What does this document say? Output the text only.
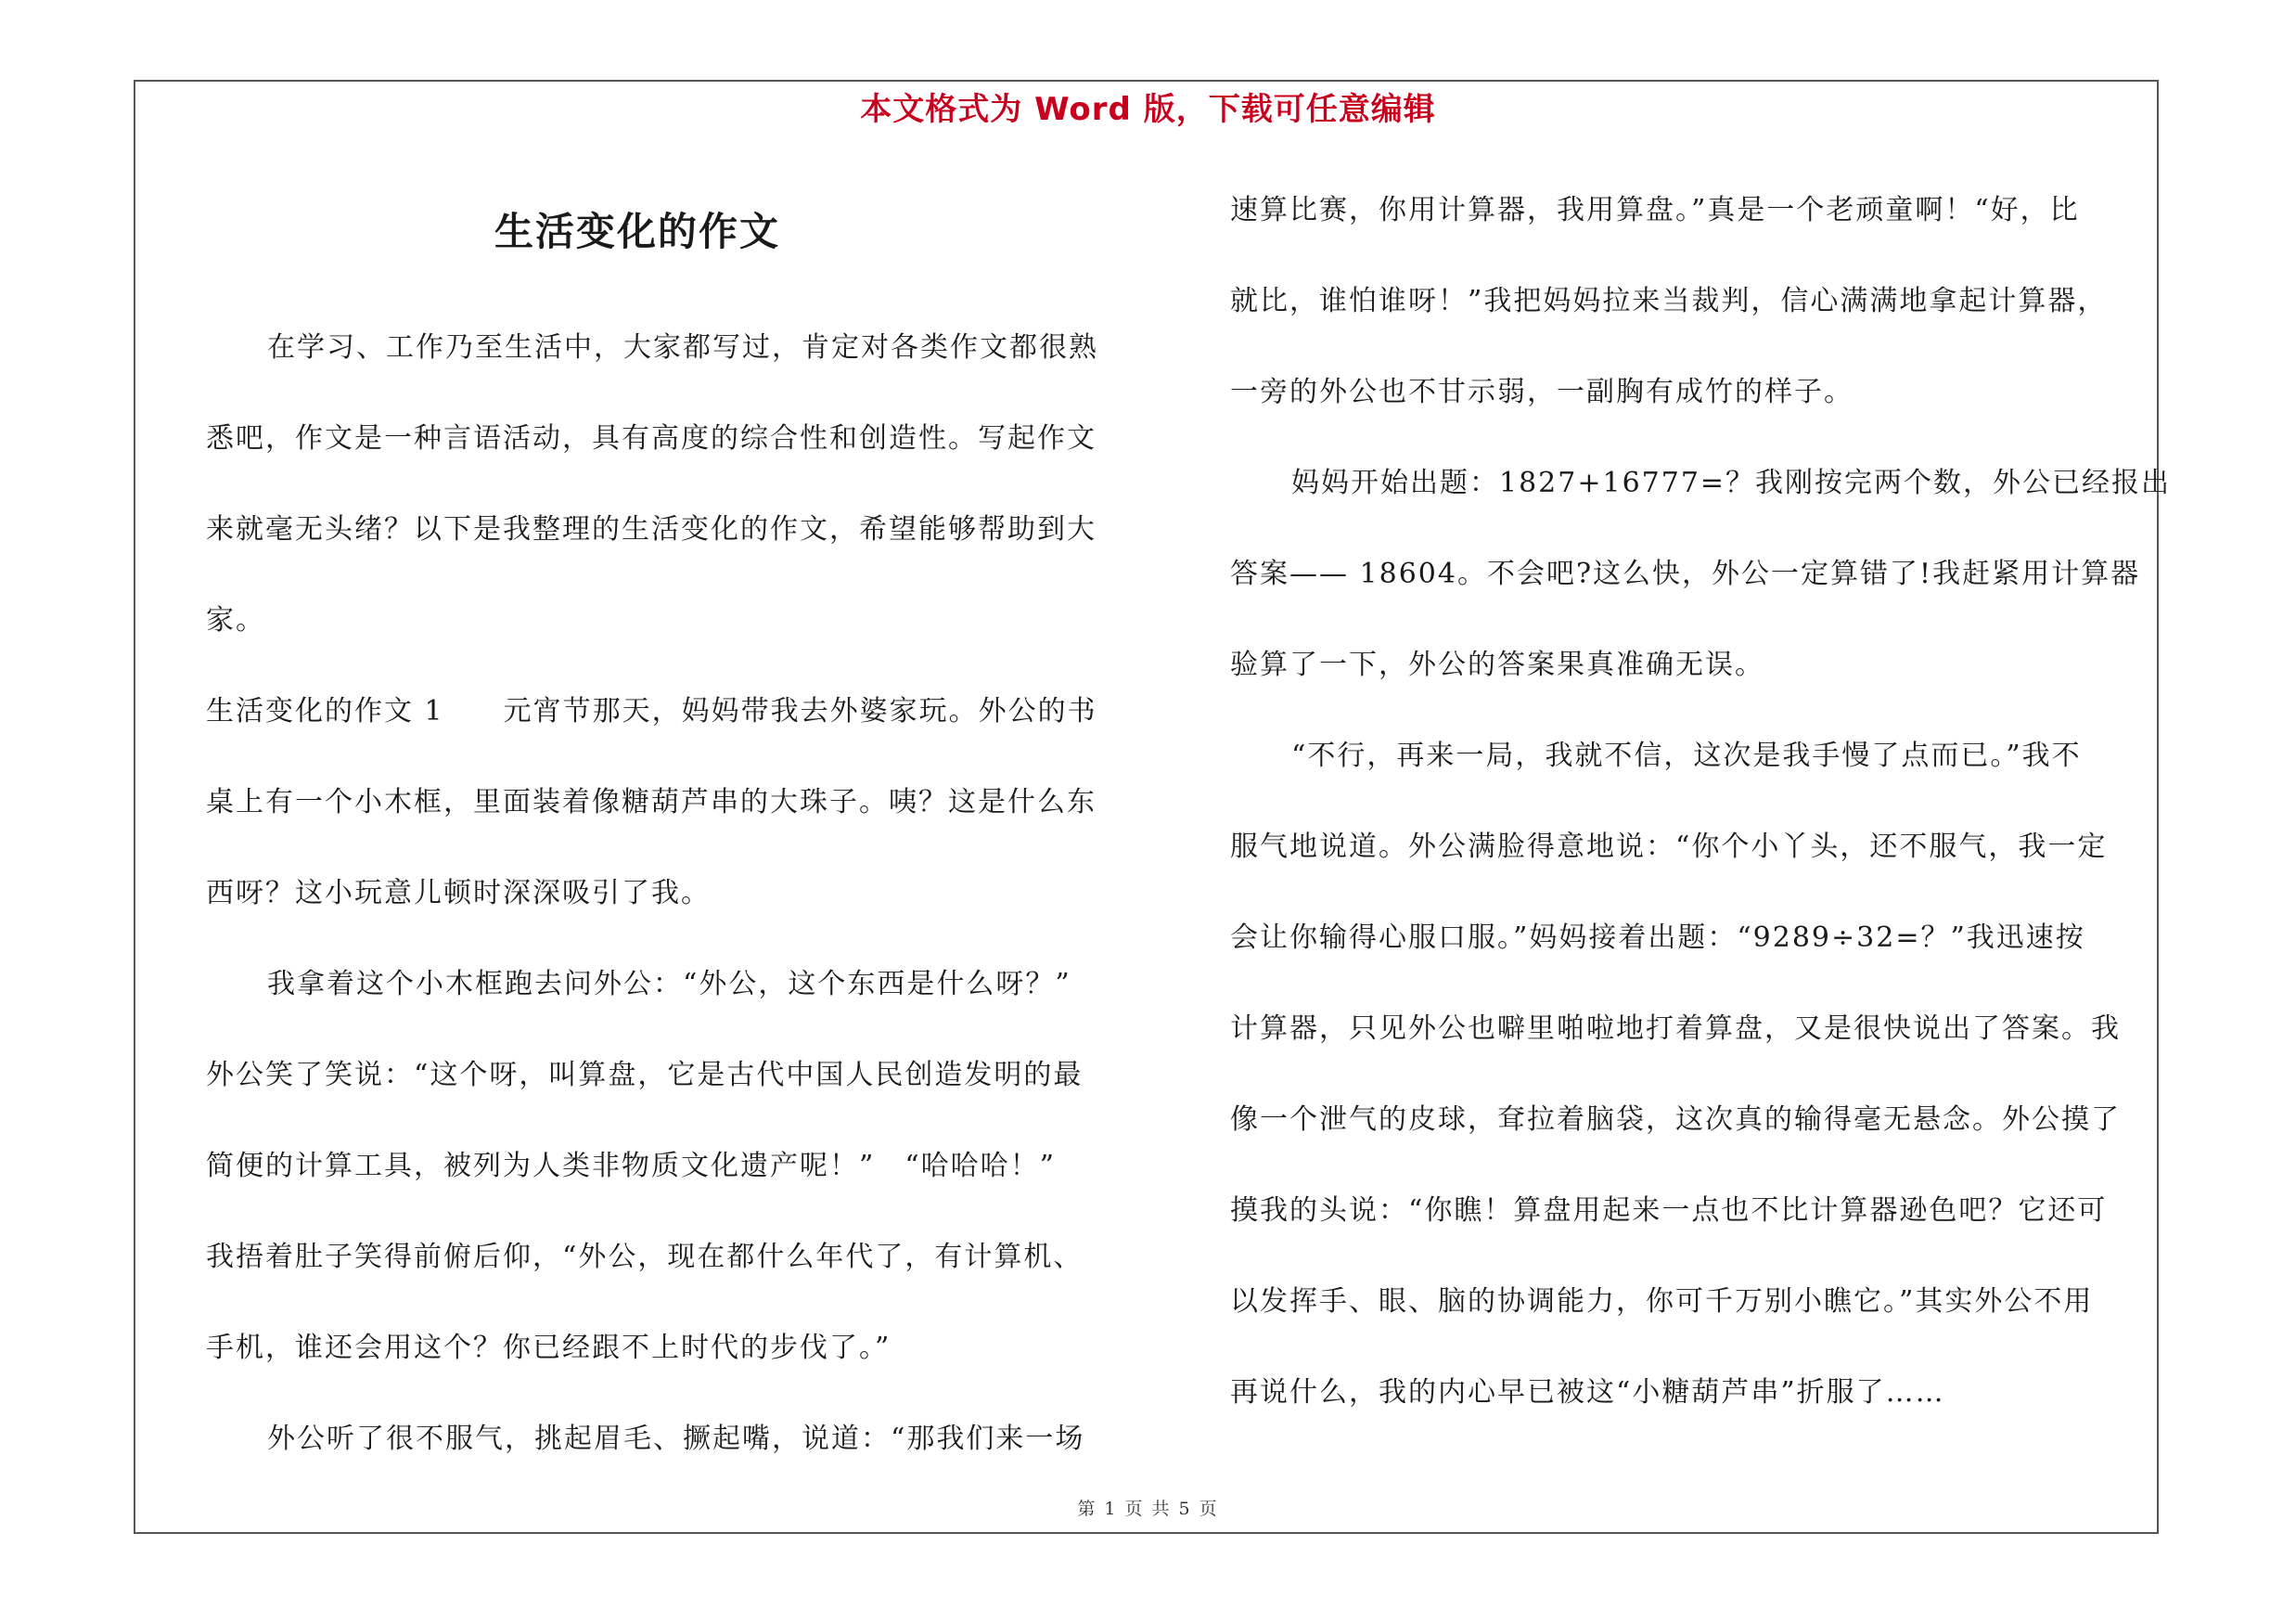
本文格式为 Word 版，下载可任意编辑
生活变化的作文

在学习、工作乃至生活中，大家都写过，肯定对各类作文都很熟

悉吧，作文是一种言语活动，具有高度的综合性和创造性。写起作文

来就毫无头绪？以下是我整理的生活变化的作文，希望能够帮助到大

家。

生活变化的作文 1　　元宵节那天，妈妈带我去外婆家玩。外公的书

桌上有一个小木框，里面装着像糖葫芦串的大珠子。咦？这是什么东

西呀？这小玩意儿顿时深深吸引了我。

我拿着这个小木框跑去问外公：“外公，这个东西是什么呀？”

外公笑了笑说：“这个呀，叫算盘，它是古代中国人民创造发明的最

简便的计算工具，被列为人类非物质文化遗产呢！”　“哈哈哈！”

我捂着肚子笑得前俯后仰，“外公，现在都什么年代了，有计算机、

手机，谁还会用这个？你已经跟不上时代的步伐了。”

外公听了很不服气，挑起眉毛、撅起嘴，说道：“那我们来一场

速算比赛，你用计算器，我用算盘。”真是一个老顽童啊！“好，比

就比，谁怕谁呀！”我把妈妈拉来当裁判，信心满满地拿起计算器，

一旁的外公也不甘示弱，一副胸有成竹的样子。

妈妈开始出题：1827+16777=？我刚按完两个数，外公已经报出

答案—— 18604。不会吧?这么快，外公一定算错了!我赶紧用计算器

验算了一下，外公的答案果真准确无误。

“不行，再来一局，我就不信，这次是我手慢了点而已。”我不

服气地说道。外公满脸得意地说：“你个小丫头，还不服气，我一定

会让你输得心服口服。”妈妈接着出题：“9289÷32=？”我迅速按

计算器，只见外公也噼里啪啦地打着算盘，又是很快说出了答案。我

像一个泄气的皮球，耷拉着脑袋，这次真的输得毫无悬念。外公摸了

摸我的头说：“你瞧！算盘用起来一点也不比计算器逊色吧？它还可

以发挥手、眼、脑的协调能力，你可千万别小瞧它。”其实外公不用

再说什么，我的内心早已被这“小糖葫芦串”折服了……

第 1 页 共 5 页
